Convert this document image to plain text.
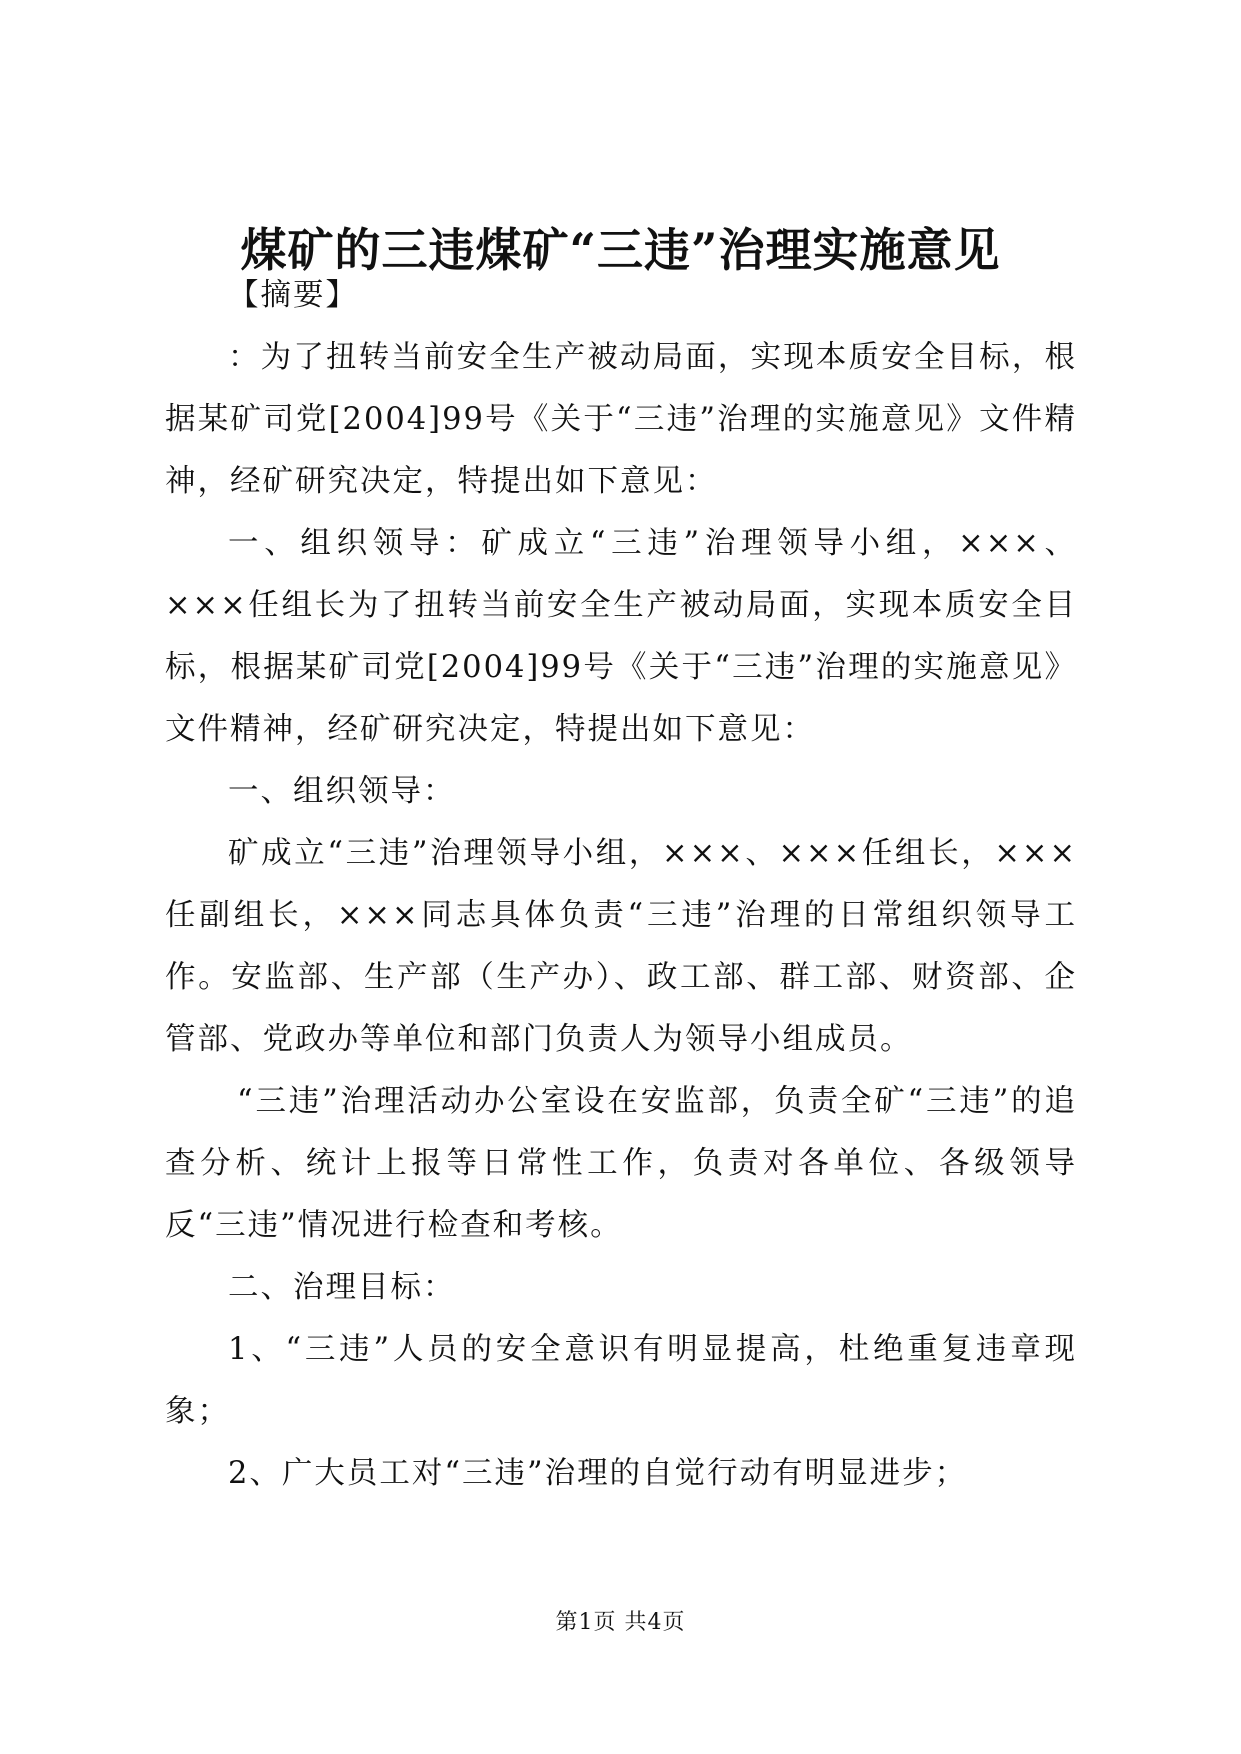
煤矿的三违煤矿“三违”治理实施意见

【摘要】

：为了扭转当前安全生产被动局面，实现本质安全目标，根据某矿司党[2004]99号《关于“三违”治理的实施意见》文件精神，经矿研究决定，特提出如下意见：

一、组织领导：矿成立“三违”治理领导小组，×××、×××任组长为了扭转当前安全生产被动局面，实现本质安全目标，根据某矿司党[2004]99号《关于“三违”治理的实施意见》文件精神，经矿研究决定，特提出如下意见：

一、组织领导：

矿成立“三违”治理领导小组，×××、×××任组长，×××任副组长，×××同志具体负责“三违”治理的日常组织领导工作。安监部、生产部（生产办）、政工部、群工部、财资部、企管部、党政办等单位和部门负责人为领导小组成员。

“三违”治理活动办公室设在安监部，负责全矿“三违”的追查分析、统计上报等日常性工作，负责对各单位、各级领导反“三违”情况进行检查和考核。

二、治理目标：

1、“三违”人员的安全意识有明显提高，杜绝重复违章现象；

2、广大员工对“三违”治理的自觉行动有明显进步；

第1页 共4页
